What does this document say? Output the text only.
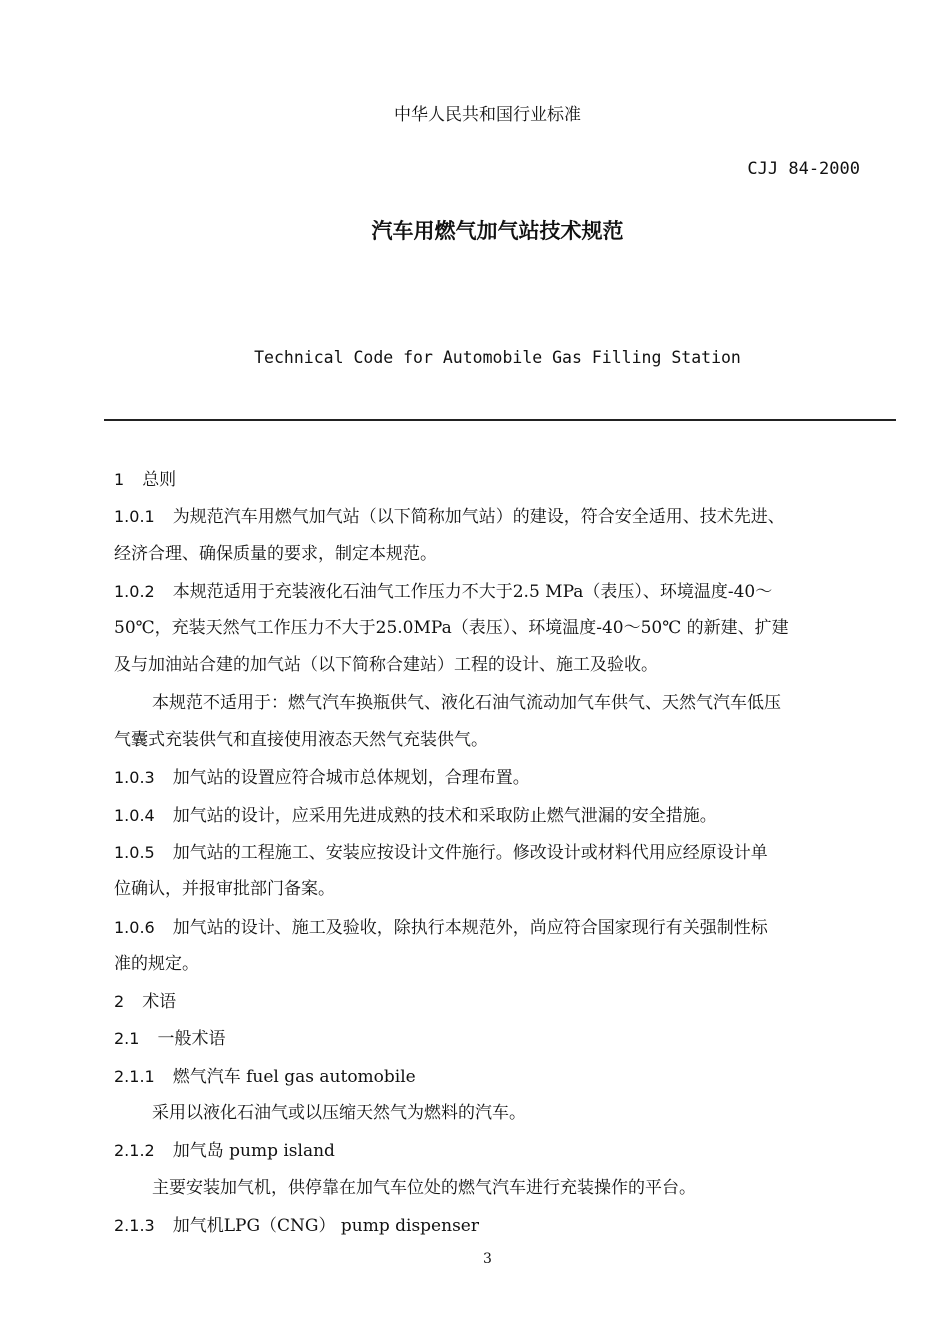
中华人民共和国行业标准
CJJ 84-2000
汽车用燃气加气站技术规范
Technical Code for Automobile Gas Filling Station
1 总则
1.0.1 为规范汽车用燃气加气站（以下简称加气站）的建设，符合安全适用、技术先进、
经济合理、确保质量的要求，制定本规范。
1.0.2 本规范适用于充装液化石油气工作压力不大于2.5 MPa（表压）、环境温度-40～
50℃，充装天然气工作压力不大于25.0MPa（表压）、环境温度-40～50℃ 的新建、扩建
及与加油站合建的加气站（以下简称合建站）工程的设计、施工及验收。
本规范不适用于：燃气汽车换瓶供气、液化石油气流动加气车供气、天然气汽车低压
气囊式充装供气和直接使用液态天然气充装供气。
1.0.3 加气站的设置应符合城市总体规划，合理布置。
1.0.4 加气站的设计，应采用先进成熟的技术和采取防止燃气泄漏的安全措施。
1.0.5 加气站的工程施工、安装应按设计文件施行。修改设计或材料代用应经原设计单
位确认，并报审批部门备案。
1.0.6 加气站的设计、施工及验收，除执行本规范外，尚应符合国家现行有关强制性标
准的规定。
2 术语
2.1 一般术语
2.1.1 燃气汽车 fuel gas automobile
采用以液化石油气或以压缩天然气为燃料的汽车。
2.1.2 加气岛 pump island
主要安装加气机，供停靠在加气车位处的燃气汽车进行充装操作的平台。
2.1.3 加气机LPG（CNG） pump dispenser
3
